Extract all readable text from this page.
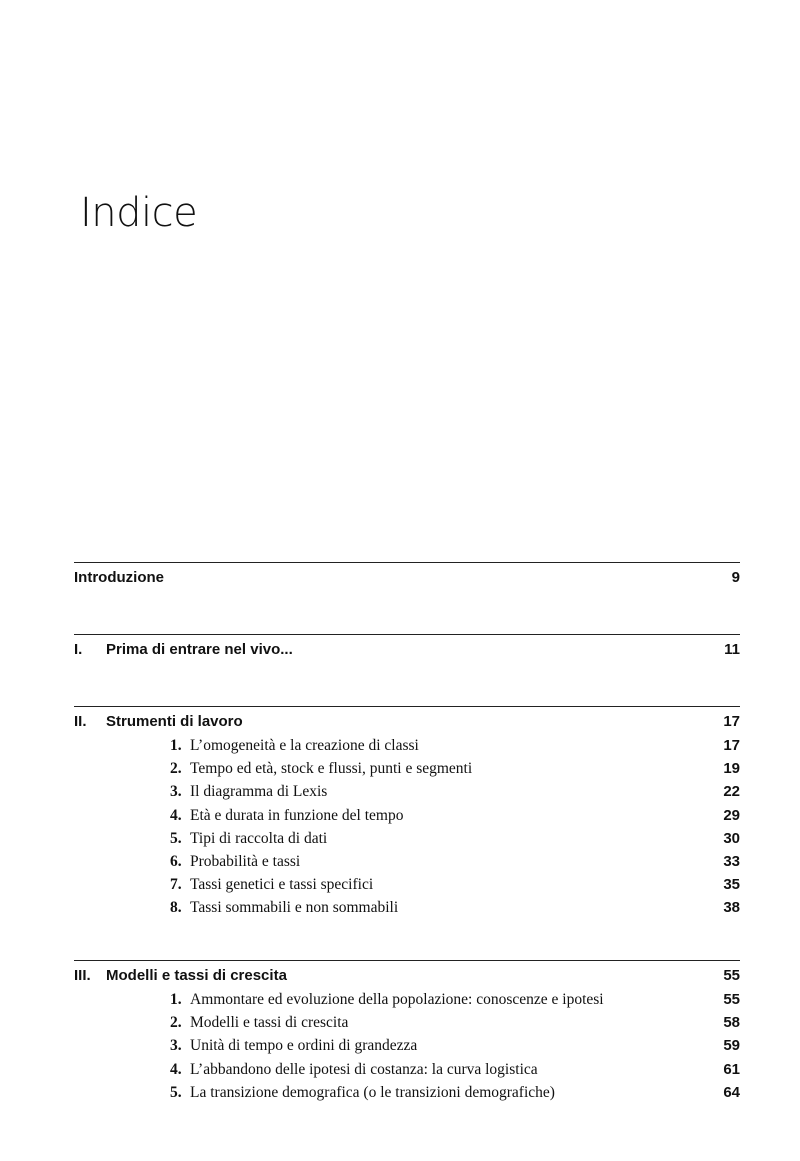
Indice
Introduzione	9
I.	Prima di entrare nel vivo...	11
II.	Strumenti di lavoro	17
1. L’omogeneità e la creazione di classi	17
2. Tempo ed età, stock e flussi, punti e segmenti	19
3. Il diagramma di Lexis	22
4. Età e durata in funzione del tempo	29
5. Tipi di raccolta di dati	30
6. Probabilità e tassi	33
7. Tassi genetici e tassi specifici	35
8. Tassi sommabili e non sommabili	38
III.	Modelli e tassi di crescita	55
1. Ammontare ed evoluzione della popolazione: conoscenze e ipotesi	55
2. Modelli e tassi di crescita	58
3. Unità di tempo e ordini di grandezza	59
4. L’abbandono delle ipotesi di costanza: la curva logistica	61
5. La transizione demografica (o le transizioni demografiche)	64
